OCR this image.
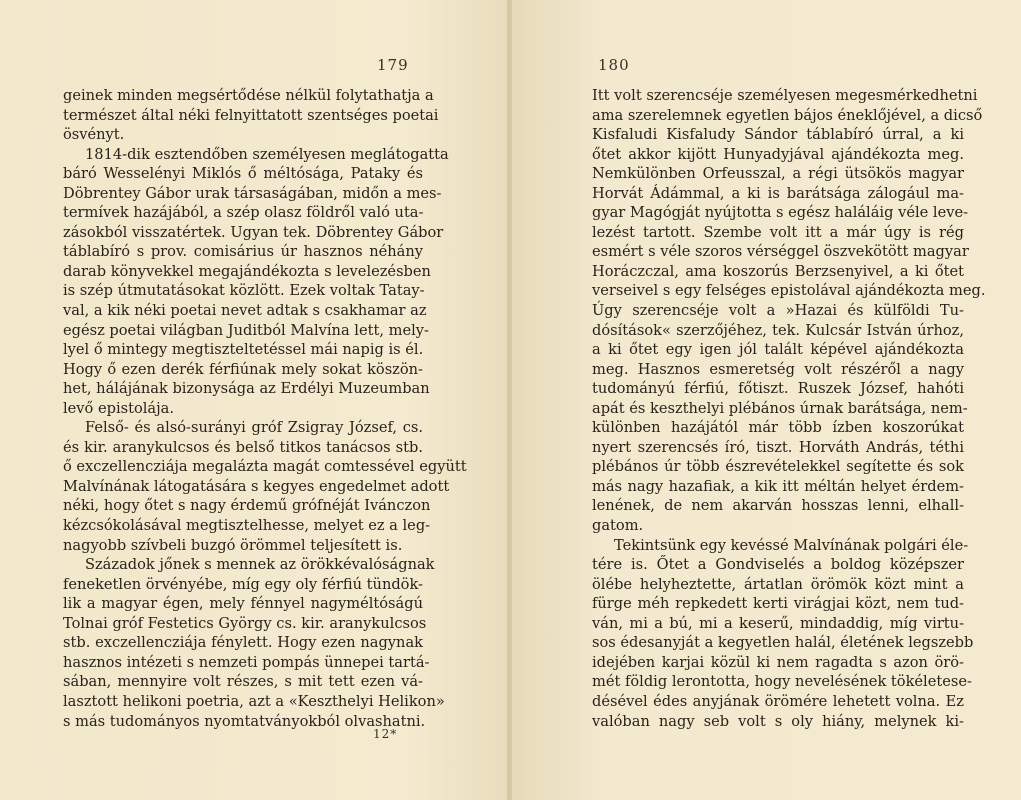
179
geinek minden megsértődése nélkül folytathatja a
természet által néki felnyittatott szentséges poetai
ösvényt.
1814-dik esztendőben személyesen meglátogatta
báró Wesselényi Miklós ő méltósága, Pataky és
Döbrentey Gábor urak társaságában, midőn a mes-
termívek hazájából, a szép olasz földről való uta-
zásokból visszatértek. Ugyan tek. Döbrentey Gábor
táblabíró s prov. comisárius úr hasznos néhány
darab könyvekkel megajándékozta s levelezésben
is szép útmutatásokat közlött. Ezek voltak Tatay-
val, a kik néki poetai nevet adtak s csakhamar az
egész poetai világban Juditból Malvína lett, mely-
lyel ő mintegy megtiszteltetéssel mái napig is él.
Hogy ő ezen derék férfiúnak mely sokat köszön-
het, hálájának bizonysága az Erdélyi Muzeumban
levő epistolája.
Felső- és alsó-surányi gróf Zsigray József, cs.
és kir. aranykulcsos és belső titkos tanácsos stb.
ő exczellencziája megalázta magát comtessével együtt
Malvínának látogatására s kegyes engedelmet adott
néki, hogy őtet s nagy érdemű grófnéját Ivánczon
kézcsókolásával megtisztelhesse, melyet ez a leg-
nagyobb szívbeli buzgó örömmel teljesített is.
Századok jőnek s mennek az örökkévalóságnak
feneketlen örvényébe, míg egy oly férfiú tündök-
lik a magyar égen, mely fénnyel nagyméltóságú
Tolnai gróf Festetics György cs. kir. aranykulcsos
stb. exczellencziája fénylett. Hogy ezen nagynak
hasznos intézeti s nemzeti pompás ünnepei tartá-
sában, mennyire volt részes, s mit tett ezen vá-
lasztott helikoni poetria, azt a «Keszthelyi Helikon»
s más tudományos nyomtatványokból olvashatni.
12*
180
Itt volt szerencséje személyesen megesmérkedhetni
ama szerelemnek egyetlen bájos éneklőjével, a dicső
Kisfaludi Kisfaludy Sándor táblabíró úrral, a ki
őtet akkor kijött Hunyadyjával ajándékozta meg.
Nemkülönben Orfeusszal, a régi ütsökös magyar
Horvát Ádámmal, a ki is barátsága zálogául ma-
gyar Magógját nyújtotta s egész haláláig véle leve-
lezést tartott. Szembe volt itt a már úgy is rég
esmért s véle szoros vérséggel öszvekötött magyar
Horáczczal, ama koszorús Berzsenyivel, a ki őtet
verseivel s egy felséges epistolával ajándékozta meg.
Úgy szerencséje volt a »Hazai és külföldi Tu-
dósítások« szerzőjéhez, tek. Kulcsár István úrhoz,
a ki őtet egy igen jól talált képével ajándékozta
meg. Hasznos esmeretség volt részéről a nagy
tudományú férfiú, főtiszt. Ruszek József, hahóti
apát és keszthelyi plébános úrnak barátsága, nem-
különben hazájától már több ízben koszorúkat
nyert szerencsés író, tiszt. Horváth András, téthi
plébános úr több észrevételekkel segítette és sok
más nagy hazafiak, a kik itt méltán helyet érdem-
lenének, de nem akarván hosszas lenni, elhall-
gatom.
Tekintsünk egy kevéssé Malvínának polgári éle-
tére is. Őtet a Gondviselés a boldog középszer
ölébe helyheztette, ártatlan örömök közt mint a
fürge méh repkedett kerti virágjai közt, nem tud-
ván, mi a bú, mi a keserű, mindaddig, míg virtu-
sos édesanyját a kegyetlen halál, életének legszebb
idejében karjai közül ki nem ragadta s azon örö-
mét földig lerontotta, hogy nevelésének tökéletese-
désével édes anyjának örömére lehetett volna. Ez
valóban nagy seb volt s oly hiány, melynek ki-
